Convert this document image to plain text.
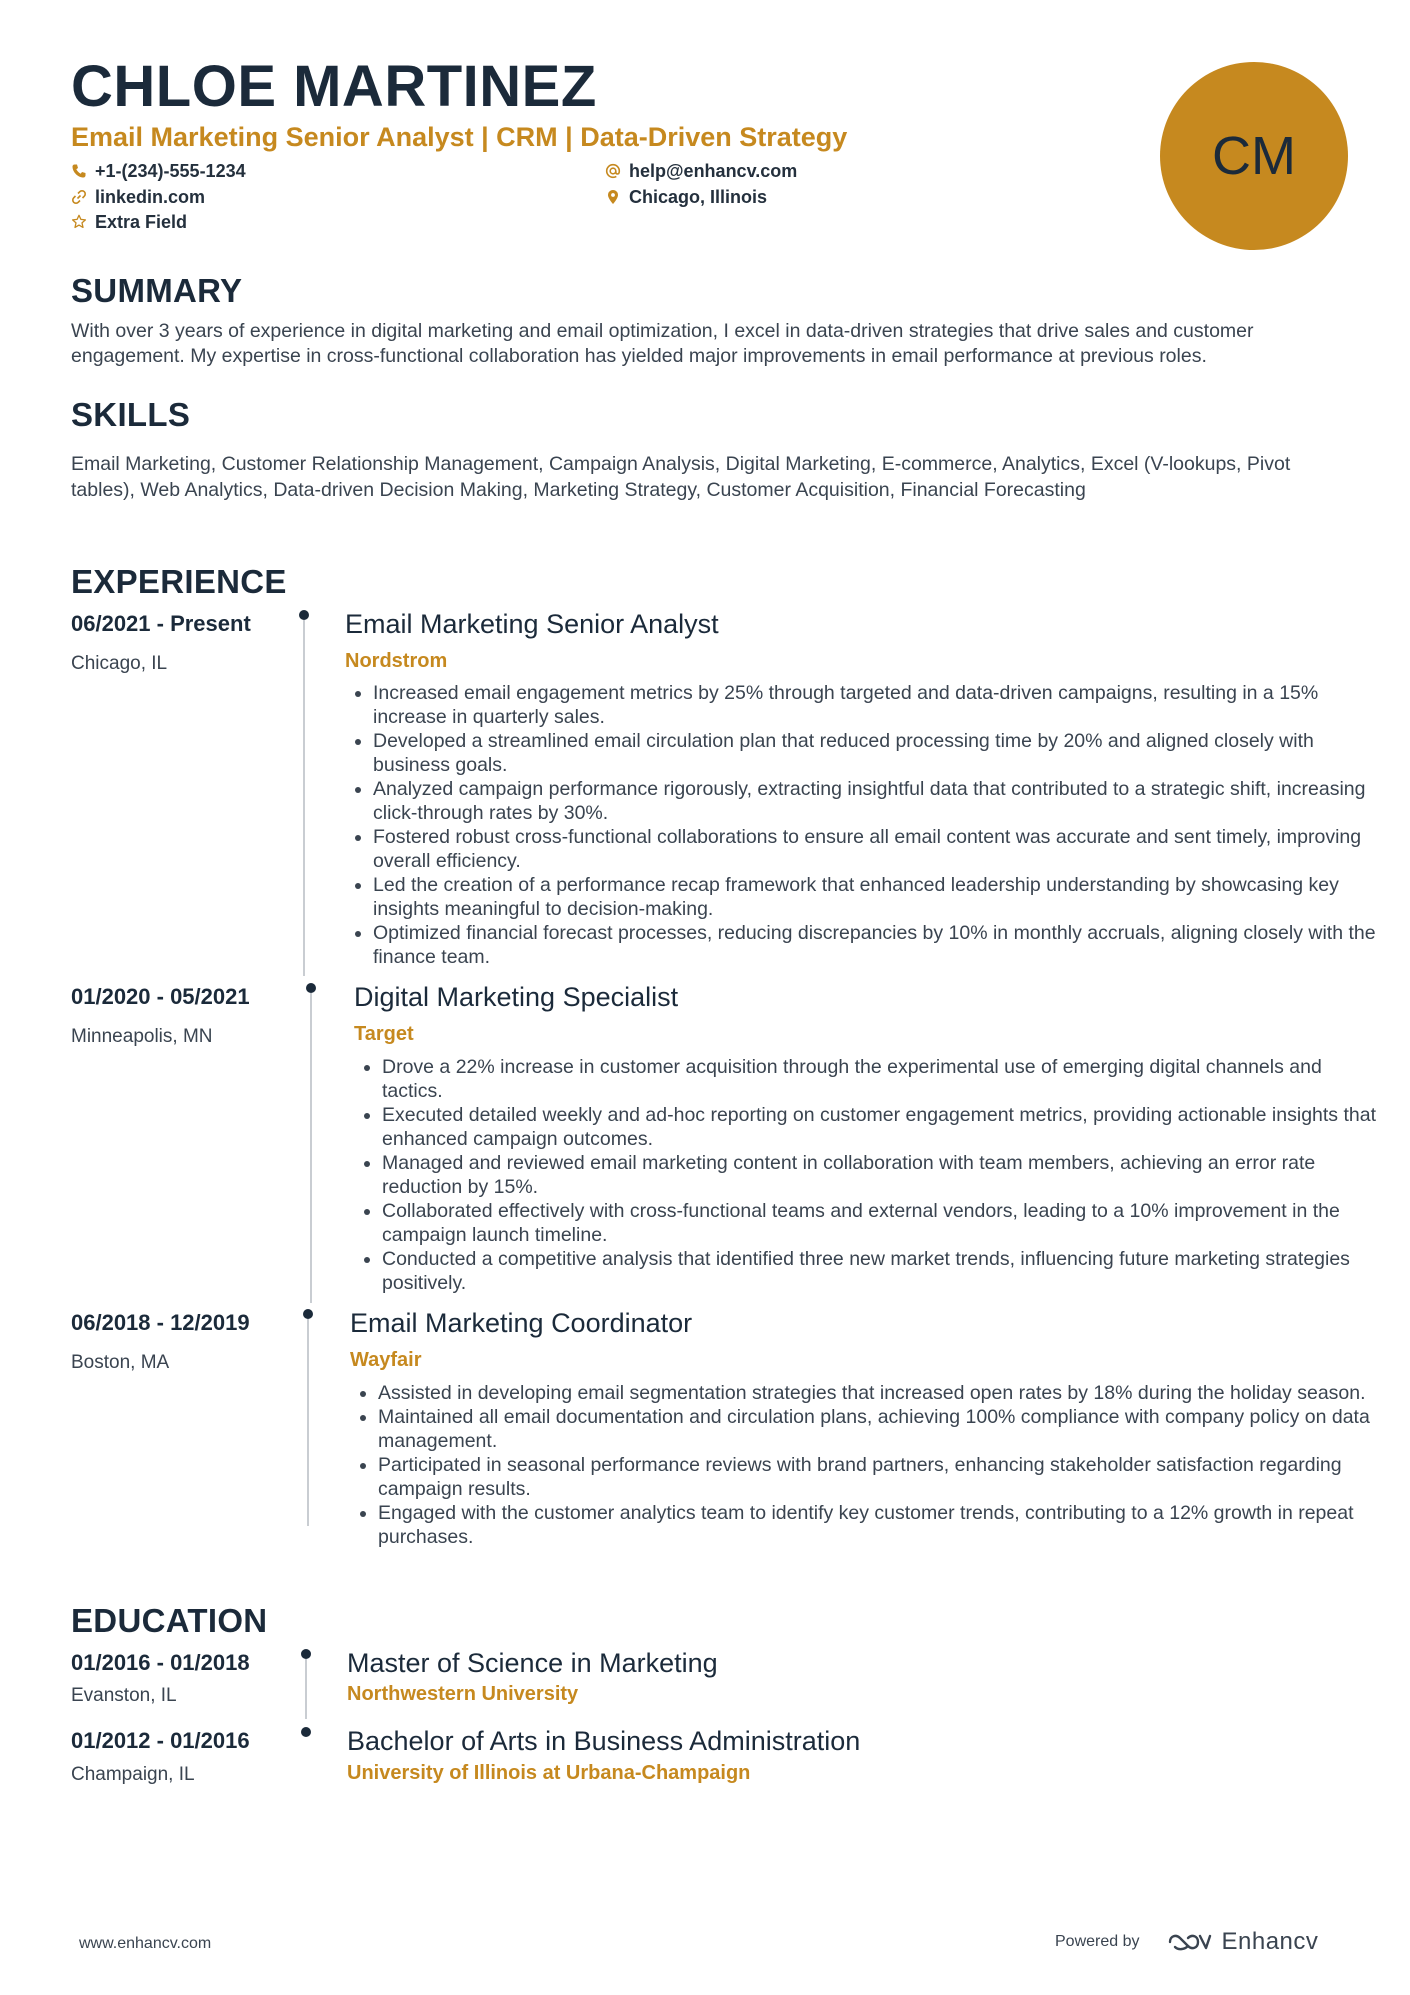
CHLOE MARTINEZ
Email Marketing Senior Analyst | CRM | Data-Driven Strategy
+1-(234)-555-1234	help@enhancv.com
linkedin.com	Chicago, Illinois
Extra Field
CM
SUMMARY
With over 3 years of experience in digital marketing and email optimization, I excel in data-driven strategies that drive sales and customer engagement. My expertise in cross-functional collaboration has yielded major improvements in email performance at previous roles.
SKILLS
Email Marketing, Customer Relationship Management, Campaign Analysis, Digital Marketing, E-commerce, Analytics, Excel (V-lookups, Pivot tables), Web Analytics, Data-driven Decision Making, Marketing Strategy, Customer Acquisition, Financial Forecasting
EXPERIENCE
06/2021 - Present
Chicago, IL
Email Marketing Senior Analyst
Nordstrom
• Increased email engagement metrics by 25% through targeted and data-driven campaigns, resulting in a 15% increase in quarterly sales.
• Developed a streamlined email circulation plan that reduced processing time by 20% and aligned closely with business goals.
• Analyzed campaign performance rigorously, extracting insightful data that contributed to a strategic shift, increasing click-through rates by 30%.
• Fostered robust cross-functional collaborations to ensure all email content was accurate and sent timely, improving overall efficiency.
• Led the creation of a performance recap framework that enhanced leadership understanding by showcasing key insights meaningful to decision-making.
• Optimized financial forecast processes, reducing discrepancies by 10% in monthly accruals, aligning closely with the finance team.
01/2020 - 05/2021
Minneapolis, MN
Digital Marketing Specialist
Target
• Drove a 22% increase in customer acquisition through the experimental use of emerging digital channels and tactics.
• Executed detailed weekly and ad-hoc reporting on customer engagement metrics, providing actionable insights that enhanced campaign outcomes.
• Managed and reviewed email marketing content in collaboration with team members, achieving an error rate reduction by 15%.
• Collaborated effectively with cross-functional teams and external vendors, leading to a 10% improvement in the campaign launch timeline.
• Conducted a competitive analysis that identified three new market trends, influencing future marketing strategies positively.
06/2018 - 12/2019
Boston, MA
Email Marketing Coordinator
Wayfair
• Assisted in developing email segmentation strategies that increased open rates by 18% during the holiday season.
• Maintained all email documentation and circulation plans, achieving 100% compliance with company policy on data management.
• Participated in seasonal performance reviews with brand partners, enhancing stakeholder satisfaction regarding campaign results.
• Engaged with the customer analytics team to identify key customer trends, contributing to a 12% growth in repeat purchases.
EDUCATION
01/2016 - 01/2018
Evanston, IL
Master of Science in Marketing
Northwestern University
01/2012 - 01/2016
Champaign, IL
Bachelor of Arts in Business Administration
University of Illinois at Urbana-Champaign
www.enhancv.com	Powered by	Enhancv
